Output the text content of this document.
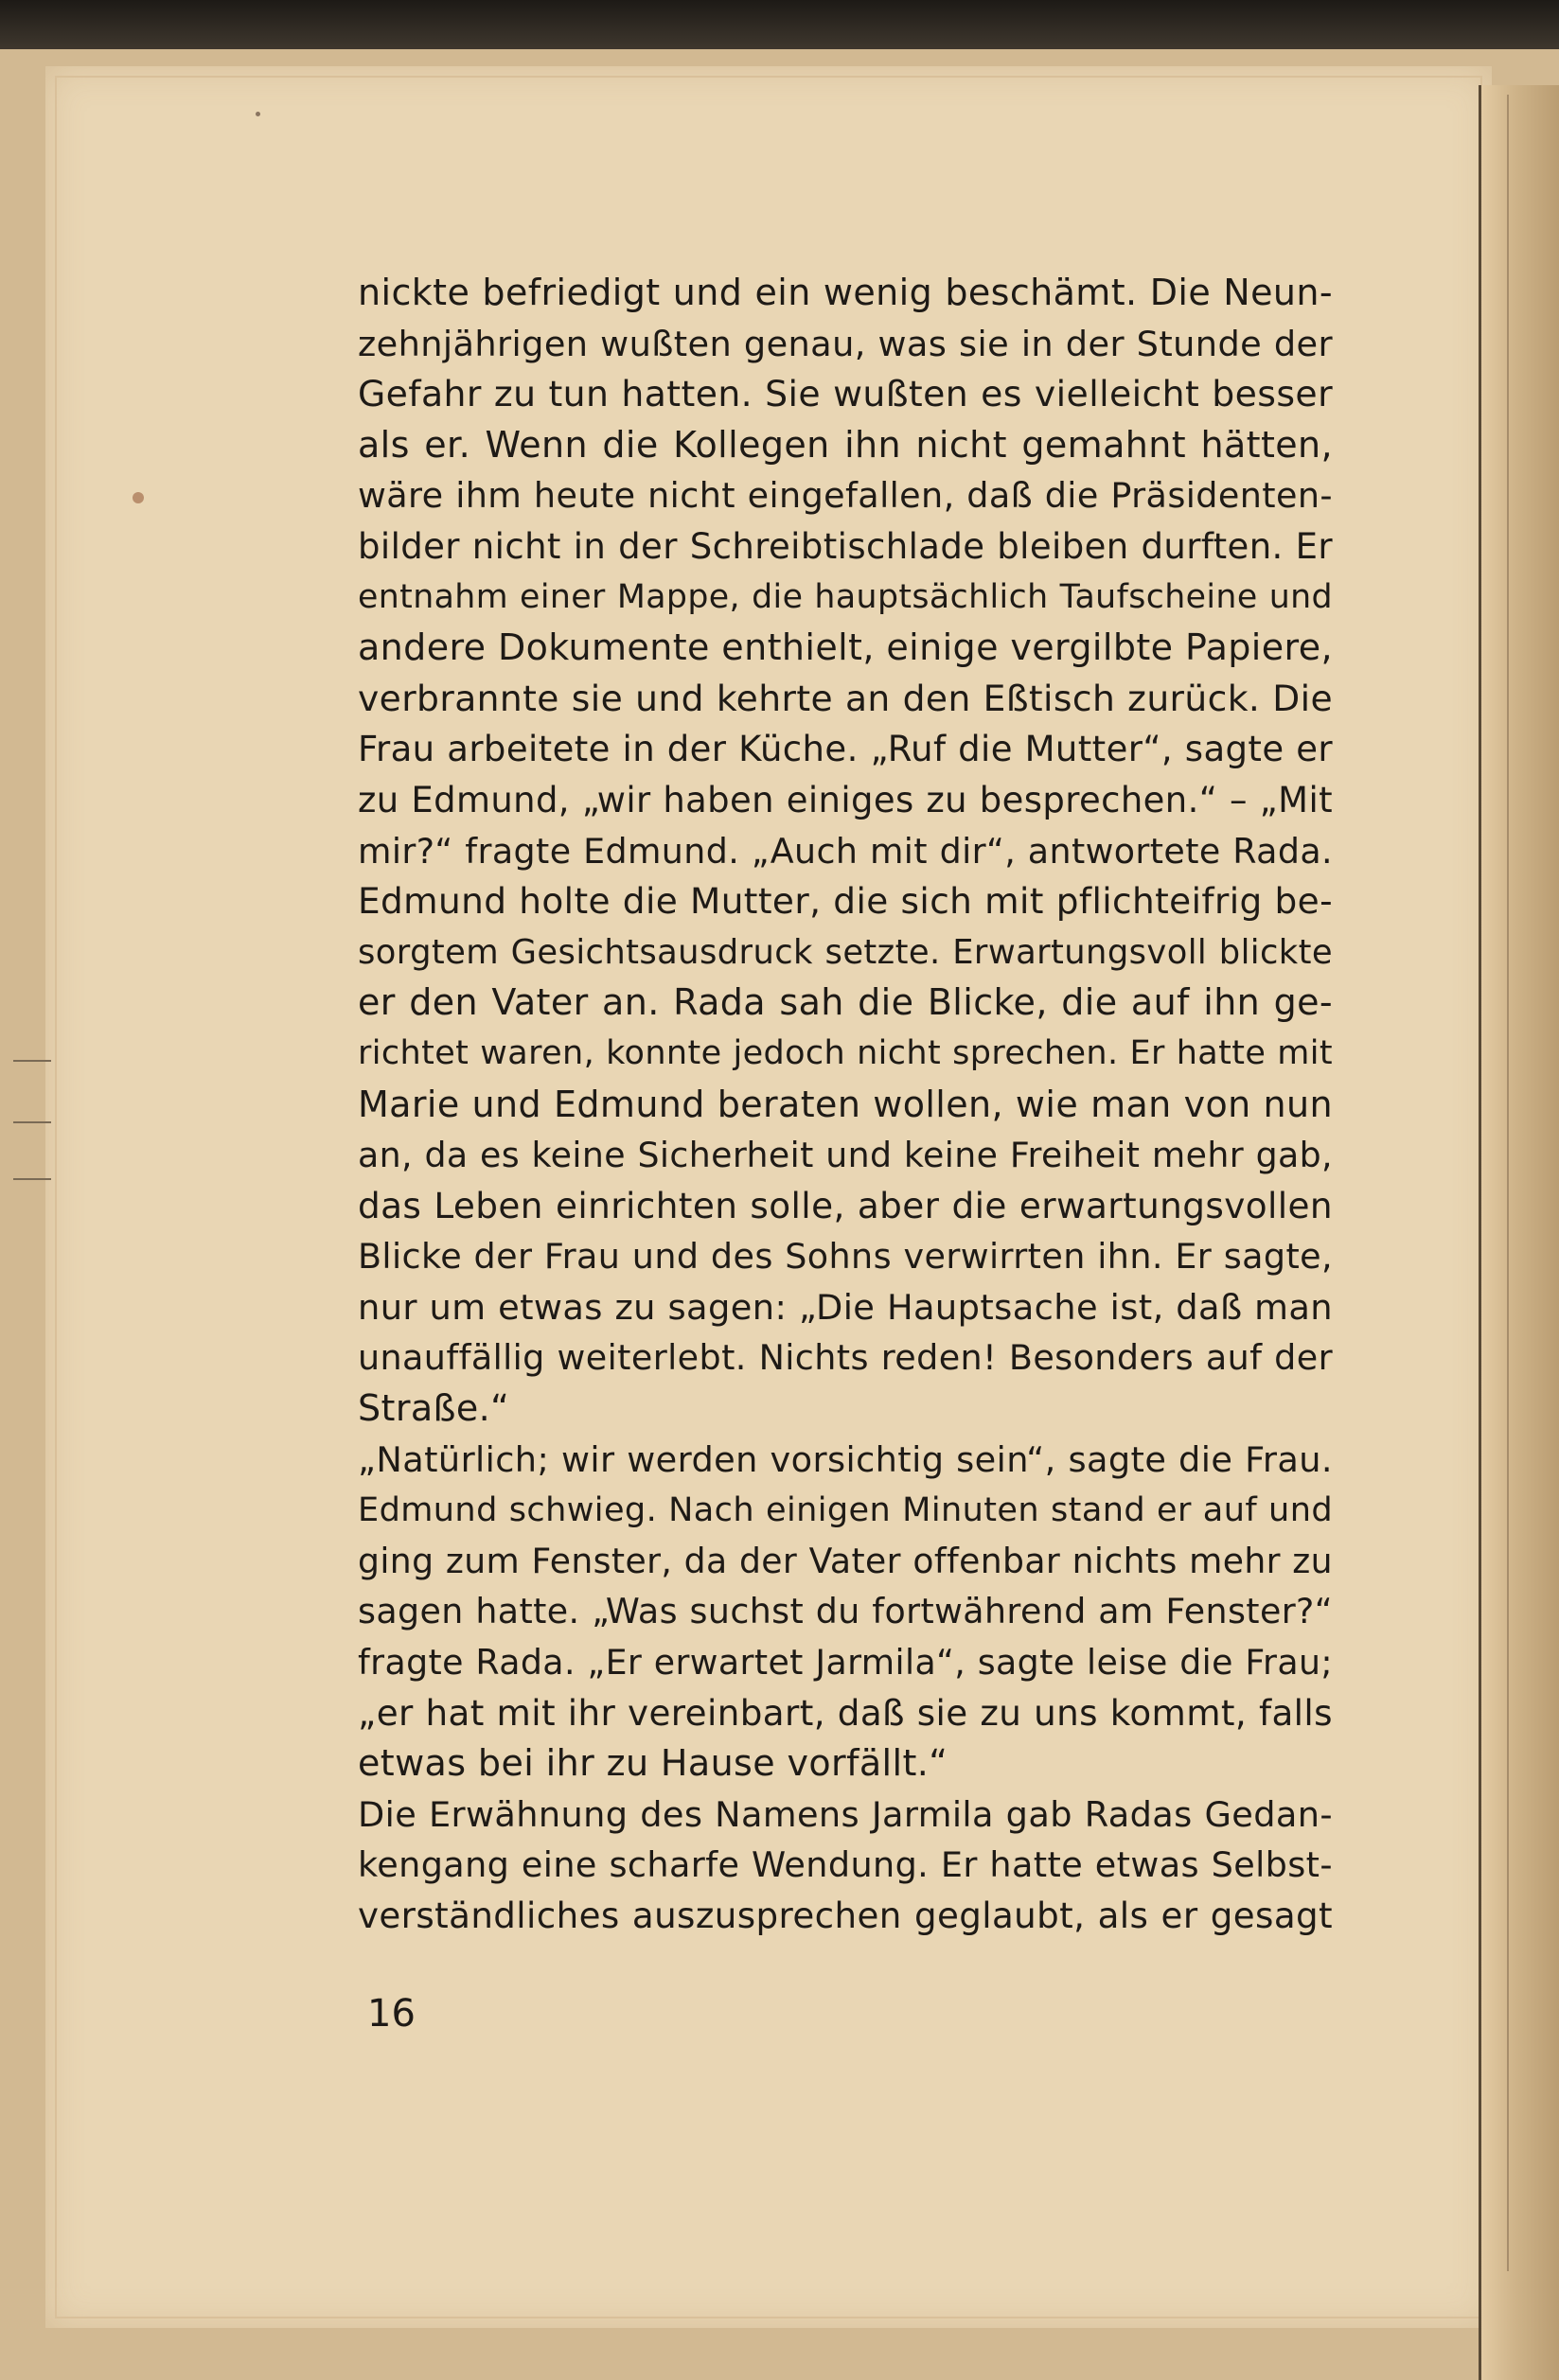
nickte befriedigt und ein wenig beschämt. Die Neun-
zehnjährigen wußten genau, was sie in der Stunde der
Gefahr zu tun hatten. Sie wußten es vielleicht besser
als er. Wenn die Kollegen ihn nicht gemahnt hätten,
wäre ihm heute nicht eingefallen, daß die Präsidenten-
bilder nicht in der Schreibtischlade bleiben durften. Er
entnahm einer Mappe, die hauptsächlich Taufscheine und
andere Dokumente enthielt, einige vergilbte Papiere,
verbrannte sie und kehrte an den Eßtisch zurück. Die
Frau arbeitete in der Küche. „Ruf die Mutter“, sagte er
zu Edmund, „wir haben einiges zu besprechen.“ – „Mit
mir?“ fragte Edmund. „Auch mit dir“, antwortete Rada.
Edmund holte die Mutter, die sich mit pflichteifrig be-
sorgtem Gesichtsausdruck setzte. Erwartungsvoll blickte
er den Vater an. Rada sah die Blicke, die auf ihn ge-
richtet waren, konnte jedoch nicht sprechen. Er hatte mit
Marie und Edmund beraten wollen, wie man von nun
an, da es keine Sicherheit und keine Freiheit mehr gab,
das Leben einrichten solle, aber die erwartungsvollen
Blicke der Frau und des Sohns verwirrten ihn. Er sagte,
nur um etwas zu sagen: „Die Hauptsache ist, daß man
unauffällig weiterlebt. Nichts reden! Besonders auf der
Straße.“
„Natürlich; wir werden vorsichtig sein“, sagte die Frau.
Edmund schwieg. Nach einigen Minuten stand er auf und
ging zum Fenster, da der Vater offenbar nichts mehr zu
sagen hatte. „Was suchst du fortwährend am Fenster?“
fragte Rada. „Er erwartet Jarmila“, sagte leise die Frau;
„er hat mit ihr vereinbart, daß sie zu uns kommt, falls
etwas bei ihr zu Hause vorfällt.“
Die Erwähnung des Namens Jarmila gab Radas Gedan-
kengang eine scharfe Wendung. Er hatte etwas Selbst-
verständliches auszusprechen geglaubt, als er gesagt
16
